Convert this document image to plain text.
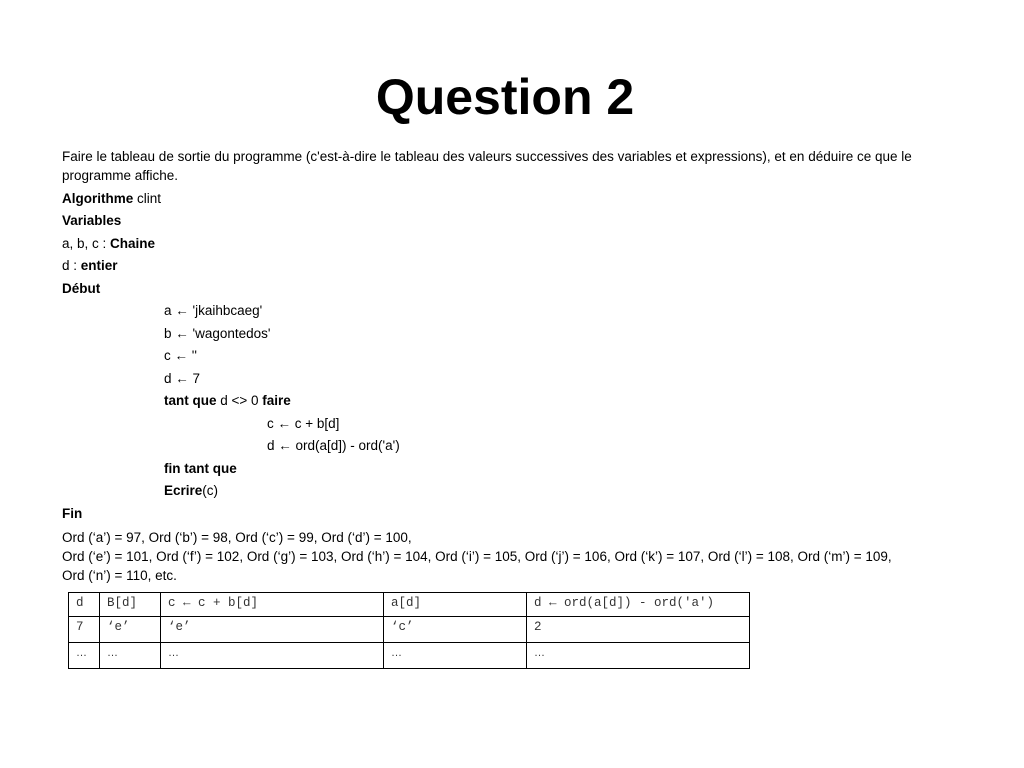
Question 2
Faire le tableau de sortie du programme (c'est-à-dire le tableau des valeurs successives des variables et expressions), et en déduire ce que le programme affiche.
Algorithme clint
Variables
a, b, c : Chaine
d : entier
Début
a ← 'jkaihbcaeg'
b ← 'wagontedos'
c ← ''
d ← 7
tant que d <> 0 faire
c ← c + b[d]
d ← ord(a[d]) - ord('a')
fin tant que
Ecrire(c)
Fin
Ord (‘a’) = 97, Ord (‘b’) = 98, Ord (‘c’) = 99, Ord (‘d’) = 100,
Ord (‘e’) = 101, Ord (‘f’) = 102, Ord (‘g’) = 103, Ord (‘h’) = 104, Ord (‘i’) = 105, Ord (‘j’) = 106, Ord (‘k’) = 107, Ord (‘l’) = 108, Ord (‘m’) = 109,
Ord (‘n’) = 110, etc.
d	B[d]	c ← c + b[d]	a[d]	d ← ord(a[d]) - ord('a')
7	‘e’	‘e’	‘c’	2
…	…	…	…	…
